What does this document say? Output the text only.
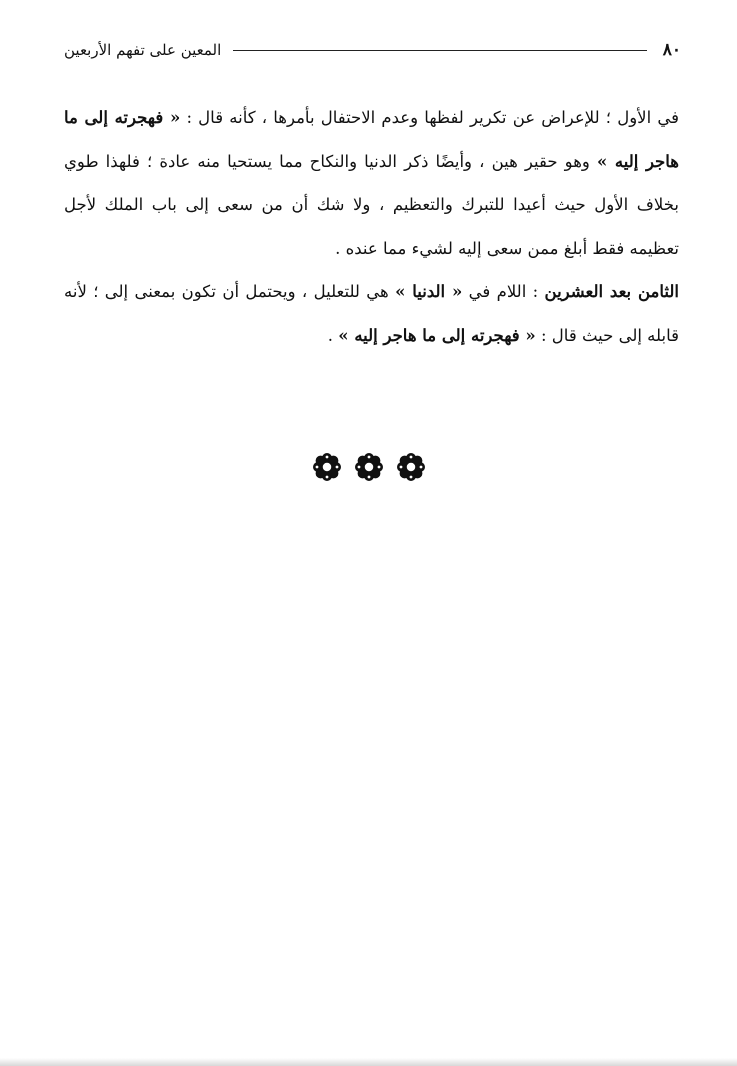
٨٠
المعين على تفهم الأربعين

في الأول ؛ للإعراض عن تكرير لفظها وعدم الاحتفال بأمرها ، كأنه قال : « فهجرته إلى ما هاجر إليه » وهو حقير هين ، وأيضًا ذكر الدنيا والنكاح مما يستحيا منه عادة ؛ فلهذا طوي بخلاف الأول حيث أعيدا للتبرك والتعظيم ، ولا شك أن من سعى إلى باب الملك لأجل تعظيمه فقط أبلغ ممن سعى إليه لشيء مما عنده .

الثامن بعد العشرين : اللام في « الدنيا » هي للتعليل ، ويحتمل أن تكون بمعنى إلى ؛ لأنه قابله إلى حيث قال : « فهجرته إلى ما هاجر إليه » .
